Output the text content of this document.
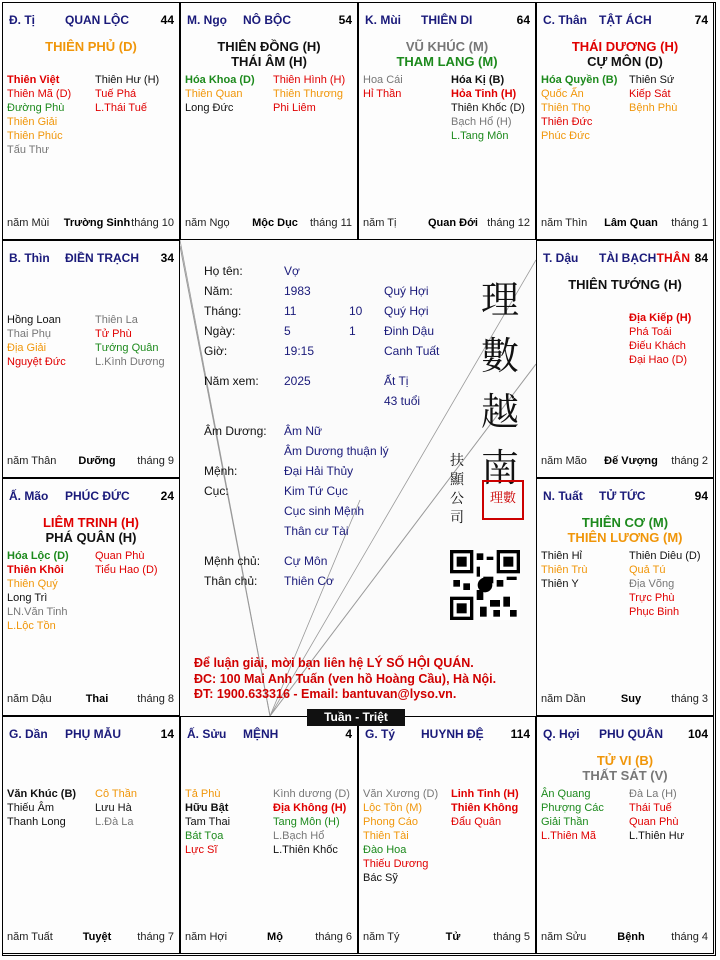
Đ. Tị	QUAN LỘC	44
THIÊN PHỦ (D)
Thiên Việt
Thiên Mã (D)
Đường Phù
Thiên Giải
Thiên Phúc
Tấu Thư
Thiên Hư (H)
Tuế Phá
L.Thái Tuế
năm Mùi	Trường Sinh tháng 10
M. Ngọ NÔ BỘC	54
THIÊN ĐỒNG (H)
THÁI ÂM (H)
Hóa Khoa (D)
Thiên Quan
Long Đức
Thiên Hình (H)
Thiên Thương
Phi Liêm
năm Ngọ	Mộc Dục	tháng 11
K. Mùi THIÊN DI	64
VŨ KHÚC (M)
THAM LANG (M)
Hoa Cái
Hỉ Thần
Hóa Kị (B)
Hỏa Tinh (H)
Thiên Khốc (D)
Bạch Hổ (H)
L.Tang Môn
năm Tị	Quan Đới tháng 12
C. Thân TẬT ÁCH	74
THÁI DƯƠNG (H)
CỰ MÔN (D)
Hóa Quyền (B)
Quốc Ấn
Thiên Thọ
Thiên Đức
Phúc Đức
Thiên Sứ
Kiếp Sát
Bệnh Phù
năm Thìn	Lâm Quan	tháng 1
B. Thìn ĐIỀN TRẠCH 34
Hồng Loan
Thai Phụ
Địa Giải
Nguyệt Đức
Thiên La
Tử Phù
Tướng Quân
L.Kình Dương
năm Thân	Dưỡng	tháng 9
T. Dậu TÀI BẠCH	84
THÂN
THIÊN TƯỚNG (H)
Địa Kiếp (H)
Phá Toái
Điếu Khách
Đại Hao (D)
năm Mão	Đế Vượng	tháng 2
Ấ. Mão PHÚC ĐỨC	24
LIÊM TRINH (H)
PHÁ QUÂN (H)
Hóa Lộc (D)
Thiên Khôi
Thiên Quý
Long Trì
LN.Văn Tinh
L.Lộc Tồn
Quan Phù
Tiểu Hao (D)
năm Dậu	Thai	tháng 8
N. Tuất TỬ TỨC	94
THIÊN CƠ (M)
THIÊN LƯƠNG (M)
Thiên Hỉ
Thiên Trù
Thiên Y
Thiên Diêu (D)
Quả Tú
Địa Võng
Trực Phù
Phục Binh
năm Dần	Suy	tháng 3
G. Dần PHỤ MẪU	14
Văn Khúc (B)
Thiếu Âm
Thanh Long
Cô Thần
Lưu Hà
L.Đà La
năm Tuất	Tuyệt	tháng 7
Ấ. Sửu MỆNH	4
Tả Phù
Hữu Bật
Tam Thai
Bát Tọa
Lực Sĩ
Kình dương (D)
Địa Không (H)
Tang Môn (H)
L.Bạch Hổ
L.Thiên Khốc
năm Hợi	Mộ	tháng 6
G. Tý HUYNH ĐỆ 114
Văn Xương (D)
Lộc Tồn (M)
Phong Cáo
Thiên Tài
Đào Hoa
Thiếu Dương
Bác Sỹ
Linh Tinh (H)
Thiên Không
Đẩu Quân
năm Tý	Tử	tháng 5
Q. Hợi PHU QUÂN 104
TỬ VI (B)
THẤT SÁT (V)
Ân Quang
Phượng Các
Giải Thần
L.Thiên Mã
Đà La (H)
Thái Tuế
Quan Phù
L.Thiên Hư
năm Sửu	Bệnh	tháng 4
Họ tên:	Vợ
Năm:	1983	Quý Hợi
Tháng:	11	10 Quý Hợi
Ngày:	5	1 Đinh Dậu
Giờ:	19:15	Canh Tuất
Năm xem: 2025	Ất Tị
43 tuổi
Âm Dương: Âm Nữ
Âm Dương thuận lý
Mệnh:	Đại Hải Thủy
Cục:	Kim Tứ Cục
Cục sinh Mệnh
Thân cư Tài
Mệnh chủ: Cự Môn
Thân chủ: Thiên Cơ
Để luận giải, mời bạn liên hệ LÝ SỐ HỘI QUÁN.
ĐC: 100 Mai Anh Tuấn (ven hồ Hoàng Cầu), Hà Nội.
ĐT: 1900.633316 - Email: bantuvan@lyso.vn.
理
數
越
南
扶
顯
公
司
理數
Tuần - Triệt
